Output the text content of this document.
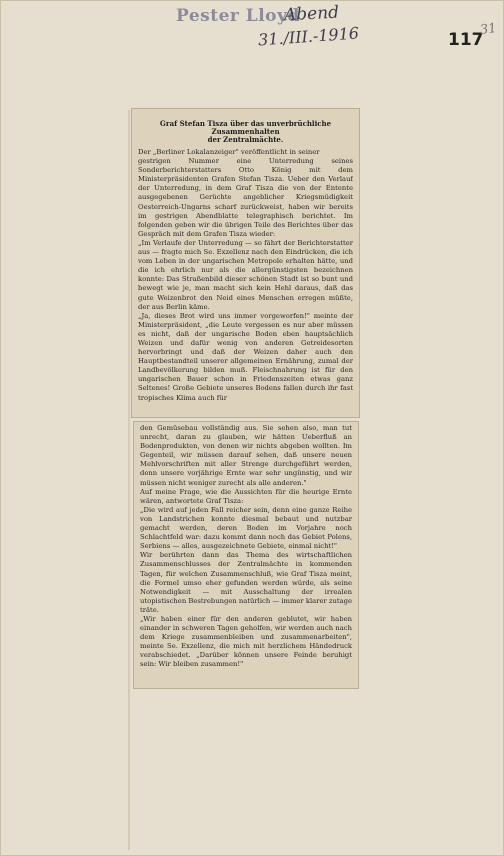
Pester Lloyd
Abend
31./III.-1916	117
31
Graf Stefan Tisza über das unverbrüchliche Zusammenhalten
der Zentralmächte.
Der „Berliner Lokalanzeiger" veröffentlicht in seiner
gestrigen Nummer eine Unterredung seines Sonderberichterstatters Otto König mit dem Ministerpräsidenten Grafen Stefan Tisza. Ueber den Verlauf der Unterredung, in dem Graf Tisza die von der Entente ausgegebenen Gerüchte angeblicher Kriegsmüdigkeit Oesterreich-Ungarns scharf zurückweist, haben wir bereits im gestrigen Abendblatte telegraphisch berichtet. Im folgenden geben wir die übrigen Teile des Berichtes über das Gespräch mit dem Grafen Tisza wieder:
„Im Verlaufe der Unterredung — so fährt der Berichterstatter aus — fragte mich Se. Exzellenz nach den Eindrücken, die ich vom Leben in der ungarischen Metropole erhalten hätte, und die ich ehrlich nur als die allergünstigsten bezeichnen konnte: Das Straßenbild dieser schönen Stadt ist so bunt und bewegt wie je, man macht sich kein Hehl daraus, daß das gute Weizenbrot den Neid eines Menschen erregen müßte, der aus Berlin käme.
„Ja, dieses Brot wird uns immer vorgeworfen!" meinte der Ministerpräsident, „die Leute vergessen es nur aber müssen es nicht, daß der ungarische Boden eben hauptsächlich Weizen und dafür wenig von anderen Getreidesorten hervorbringt und daß der Weizen daher auch den Hauptbestandteil unserer allgemeinen Ernährung, zumal der Landbevölkerung bilden muß. Fleischnahrung ist für den ungarischen Bauer schon in Friedenszeiten etwas ganz Seltenes! Große Gebiete unseres Bodens fallen durch ihr fast tropisches Klima auch für
den Gemüsebau vollständig aus. Sie sehen also, man tut unrecht, daran zu glauben, wir hätten Ueberfluß an Bodenprodukten, von denen wir nichts abgeben wollten. Im Gegenteil, wir müssen darauf sehen, daß unsere neuen Mehlvorschriften mit aller Strenge durchgeführt werden, denn unsere vorjährige Ernte war sehr ungünstig, und wir müssen nicht weniger zurecht als alle anderen."
Auf meine Frage, wie die Aussichten für die heurige Ernte wären, antwortete Graf Tisza:
„Die wird auf jeden Fall reicher sein, denn eine ganze Reihe von Landstrichen konnte diesmal bebaut und nutzbar gemacht werden, deren Boden im Vorjahre noch Schlachtfeld war: dazu kommt dann noch das Gebiet Polens, Serbiens — alles, ausgezeichnete Gebiete, einmal nicht!"
Wir berührten dann das Thema des wirtschaftlichen Zusammenschlusses der Zentralmächte in kommenden Tagen, für welchen Zusammenschluß, wie Graf Tisza meint, die Formel umso eher gefunden werden würde, als seine Notwendigkeit — mit Ausschaltung der irrealen utopistischen Bestrebungen natürlich — immer klarer zutage träte.
„Wir haben einer für den anderen geblutet, wir haben einander in schweren Tagen geholfen, wir werden auch nach dem Kriege zusammenbleiben und zusammenarbeiten", meinte Se. Exzellenz, die mich mit herzlichem Händedruck verabschiedet. „Darüber können unsere Feinde beruhigt sein: Wir bleiben zusammen!"
